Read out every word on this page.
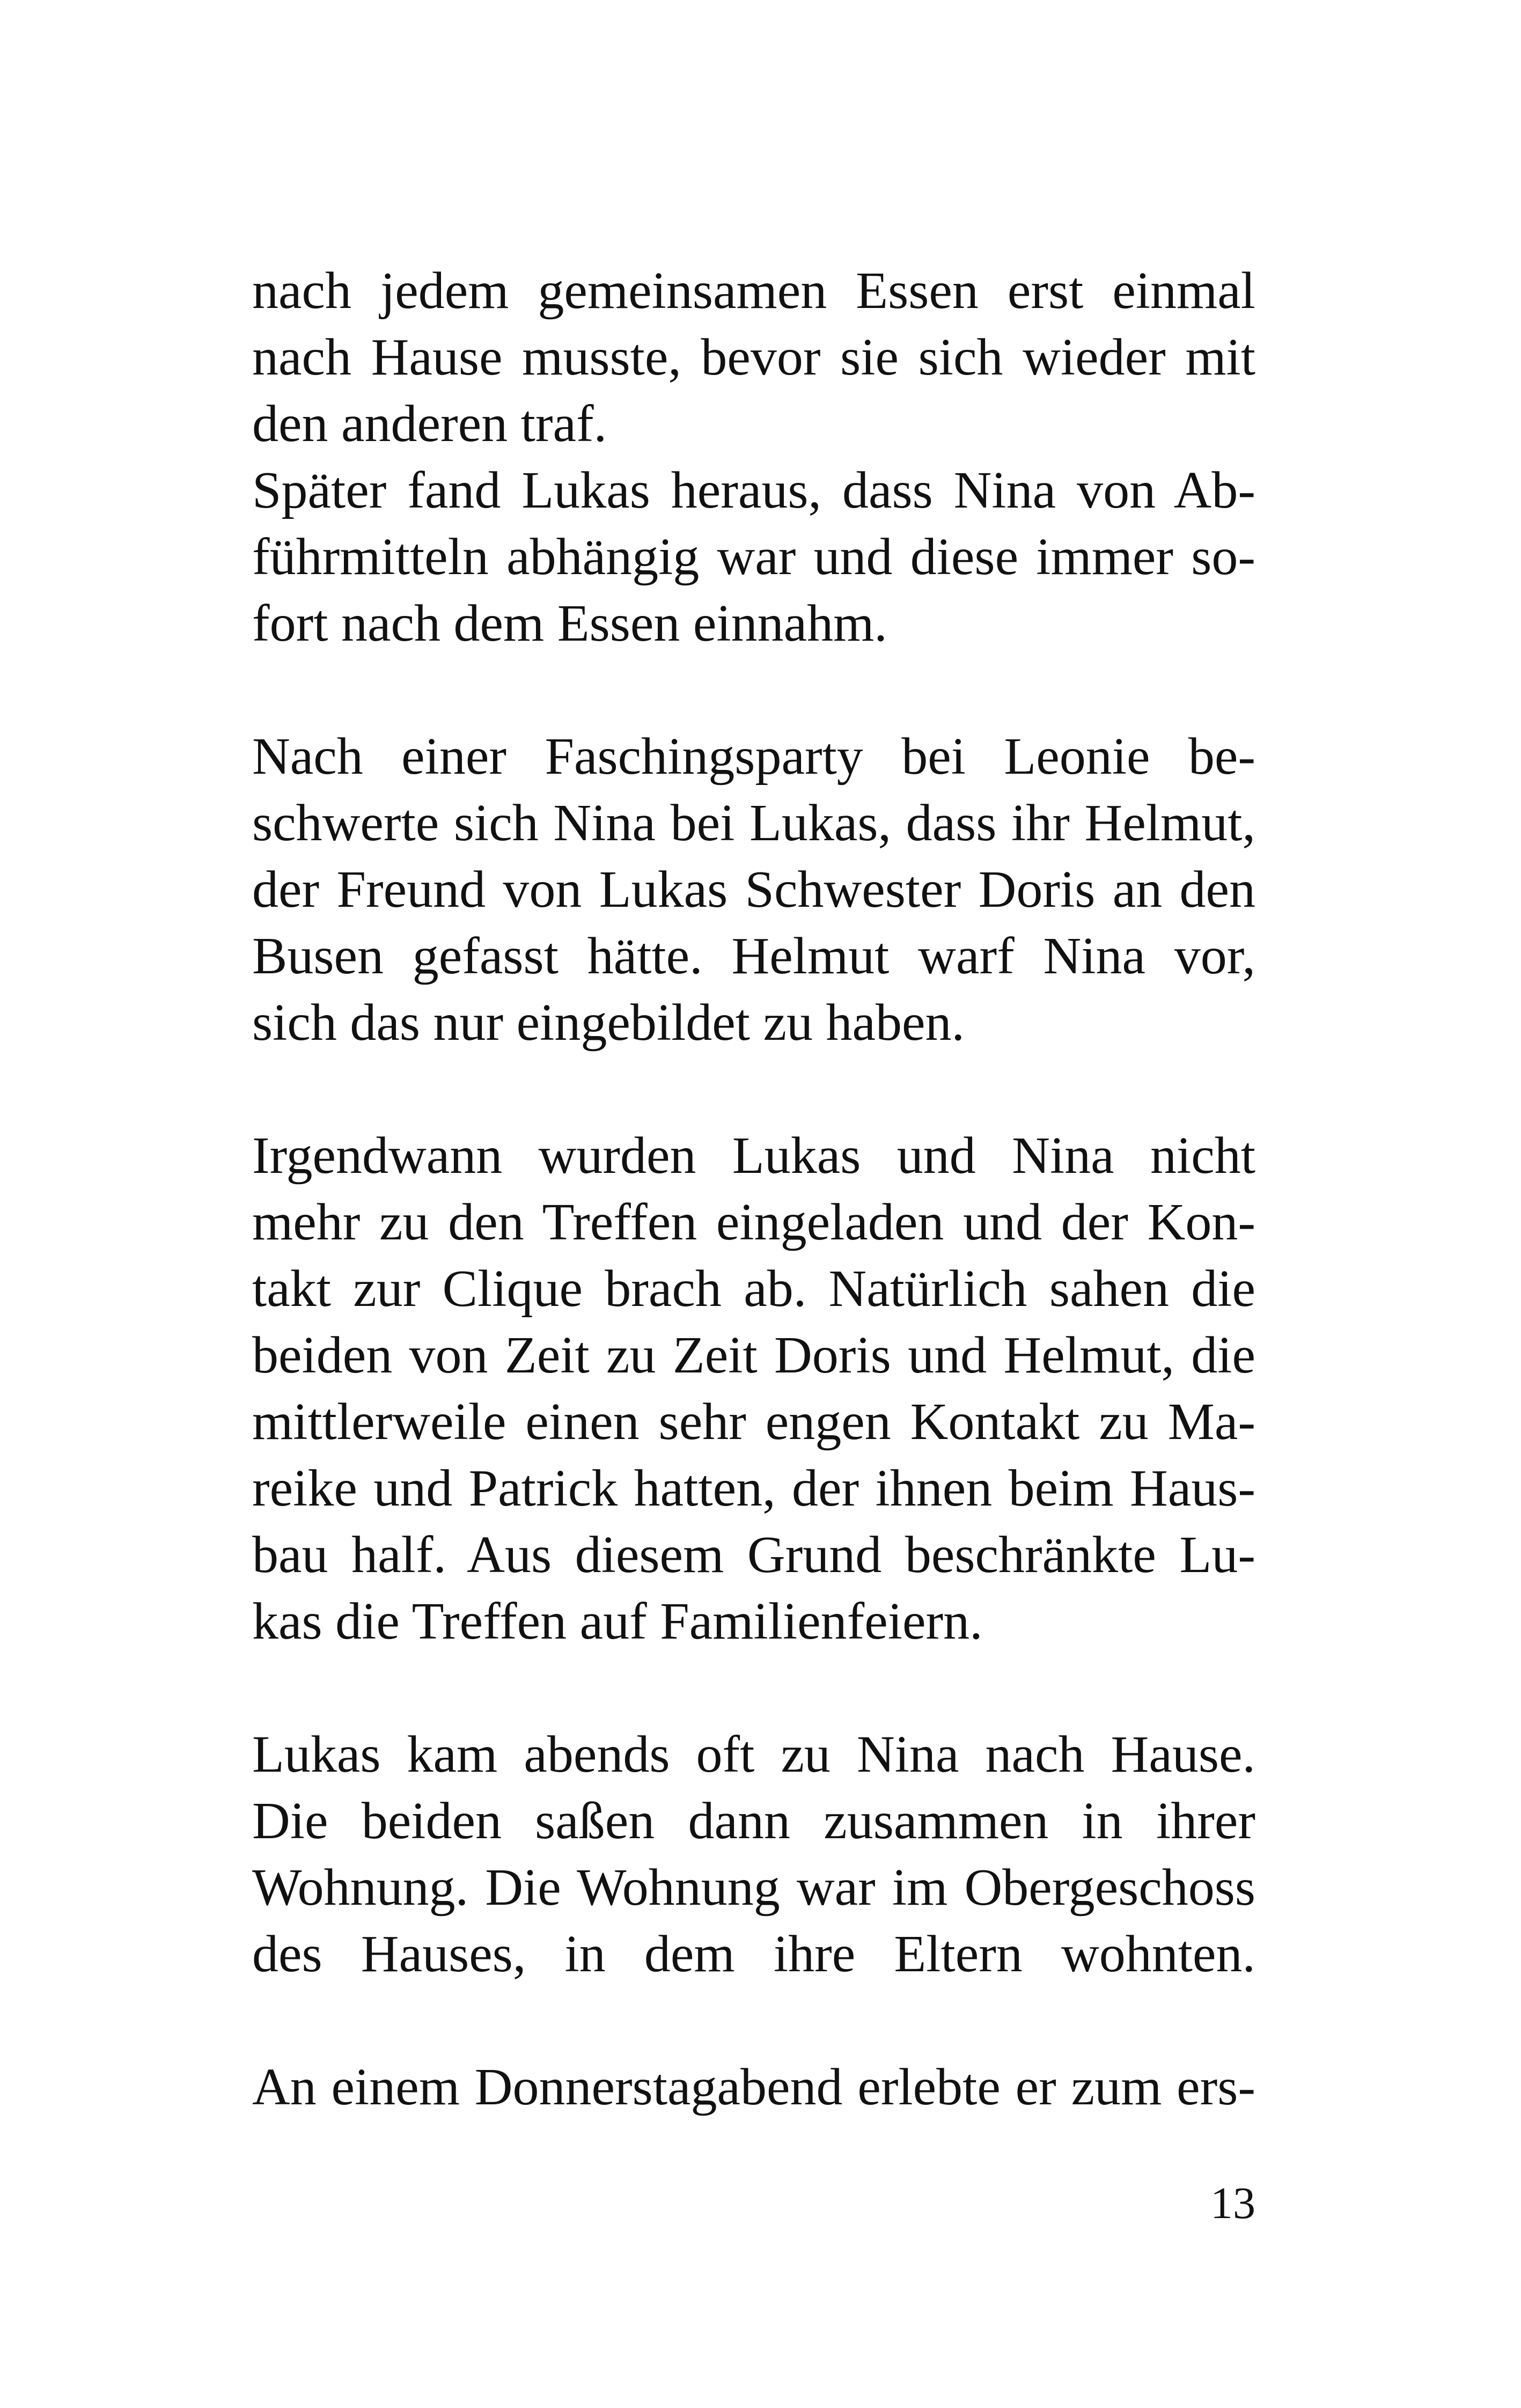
nach jedem gemeinsamen Essen erst einmal
nach Hause musste, bevor sie sich wieder mit
den anderen traf.
Später fand Lukas heraus, dass Nina von Ab-
führmitteln abhängig war und diese immer so-
fort nach dem Essen einnahm.
Nach einer Faschingsparty bei Leonie be-
schwerte sich Nina bei Lukas, dass ihr Helmut,
der Freund von Lukas Schwester Doris an den
Busen gefasst hätte. Helmut warf Nina vor,
sich das nur eingebildet zu haben.
Irgendwann wurden Lukas und Nina nicht
mehr zu den Treffen eingeladen und der Kon-
takt zur Clique brach ab. Natürlich sahen die
beiden von Zeit zu Zeit Doris und Helmut, die
mittlerweile einen sehr engen Kontakt zu Ma-
reike und Patrick hatten, der ihnen beim Haus-
bau half. Aus diesem Grund beschränkte Lu-
kas die Treffen auf Familienfeiern.
Lukas kam abends oft zu Nina nach Hause.
Die beiden saßen dann zusammen in ihrer
Wohnung. Die Wohnung war im Obergeschoss
des Hauses, in dem ihre Eltern wohnten.
An einem Donnerstagabend erlebte er zum ers-
13
